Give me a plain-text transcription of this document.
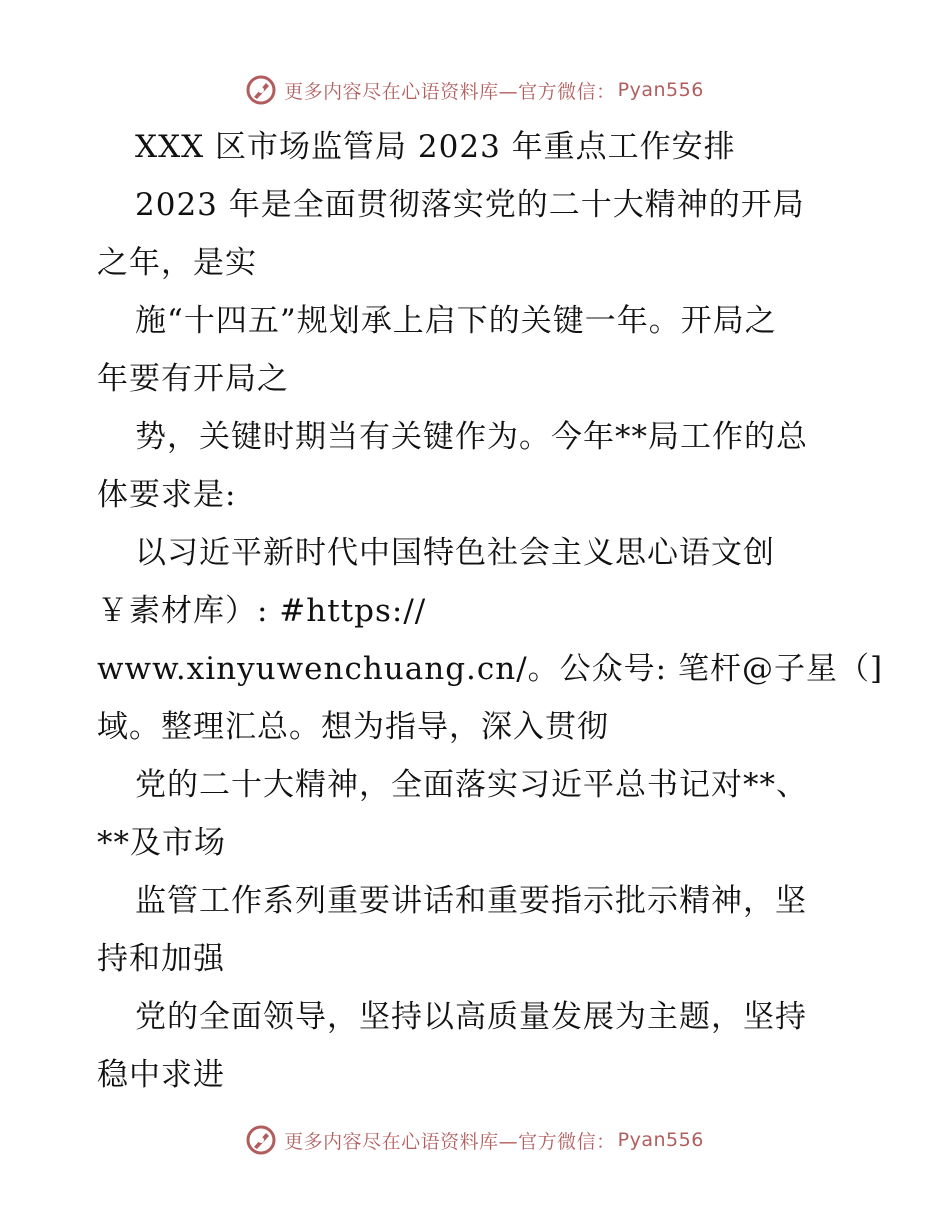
更多内容尽在心语资料库—官方微信： Pyan556
XXX 区市场监管局 2023 年重点工作安排
2023 年是全面贯彻落实党的二十大精神的开局
之年，是实
施“十四五”规划承上启下的关键一年。开局之
年要有开局之
势，关键时期当有关键作为。今年**局工作的总
体要求是:
以习近平新时代中国特色社会主义思心语文创
￥素材库）: #https://
www.xinyuwenchuang.cn/。公众号: 笔杆@子星（]
域。整理汇总。想为指导，深入贯彻
党的二十大精神，全面落实习近平总书记对**、
**及市场
监管工作系列重要讲话和重要指示批示精神，坚
持和加强
党的全面领导，坚持以高质量发展为主题，坚持
稳中求进
更多内容尽在心语资料库—官方微信： Pyan556
